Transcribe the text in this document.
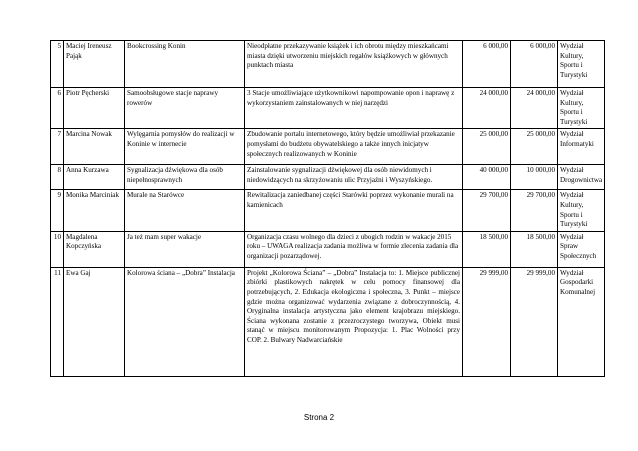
5	Maciej Ireneusz Pająk	Bookcrossing Konin	Nieodpłatne przekazywanie książek i ich obrotu między mieszkańcami miasta dzięki utworzeniu miejskich regałów książkowych w głównych punktach miasta	6 000,00	6 000,00	Wydział Kultury, Sportu i Turystyki
6	Piotr Pęcherski	Samoobsługowe stacje naprawy rowerów	3 Stacje umożliwiające użytkownikowi napompowanie opon i naprawę z wykorzystaniem zainstalowanych w niej narzędzi	24 000,00	24 000,00	Wydział Kultury, Sportu i Turystyki
7	Marcina Nowak	Wylęgarnia pomysłów do realizacji w Koninie w internecie	Zbudowanie portalu internetowego, który będzie umożliwiał przekazanie pomysłami do budżetu obywatelskiego a także innych inicjatyw społecznych realizowanych w Koninie	25 000,00	25 000,00	Wydział Informatyki
8	Anna Kurzawa	Sygnalizacja dźwiękowa dla osób niepełnosprawnych	Zainstalowanie sygnalizacji dźwiękowej dla osób niewidomych i niedowidzących na skrzyżowaniu ulic Przyjaźni i Wyszyńskiego.	40 000,00	10 000,00	Wydział Drogownictwa
9	Monika Marciniak	Murale na Starówce	Rewitalizacja zaniedbanej części Starówki poprzez wykonanie murali na kamienicach	29 700,00	29 700,00	Wydział Kultury, Sportu i Turystyki
10	Magdalena Kopczyńska	Ja też mam super wakacje	Organizacja czasu wolnego dla dzieci z ubogich rodzin w wakacje 2015 roku – UWAGA realizacja zadania możliwa w formie zlecenia zadania dla organizacji pozarządowej.	18 500,00	18 500,00	Wydział Spraw Społecznych
11	Ewa Gaj	Kolorowa ściana – „Dobra” Instalacja	Projekt „Kolorowa Ściana” – „Dobra” Instalacja to: 1. Miejsce publicznej zbiórki plastikowych nakrętek w celu pomocy finansowej dla potrzebujących, 2. Edukacja ekologiczna i społeczna, 3. Punkt – miejsce gdzie można organizować wydarzenia związane z dobroczynnością, 4. Oryginalna instalacja artystyczna jako element krajobrazu miejskiego. Ściana wykonana zostanie z przezroczystego tworzywa, Obiekt musi stanąć w miejscu monitorowanym Propozycja: 1. Plac Wolności przy COP. 2. Bulwary Nadwarciańskie	29 999,00	29 999,00	Wydział Gospodarki Komunalnej
Strona 2
